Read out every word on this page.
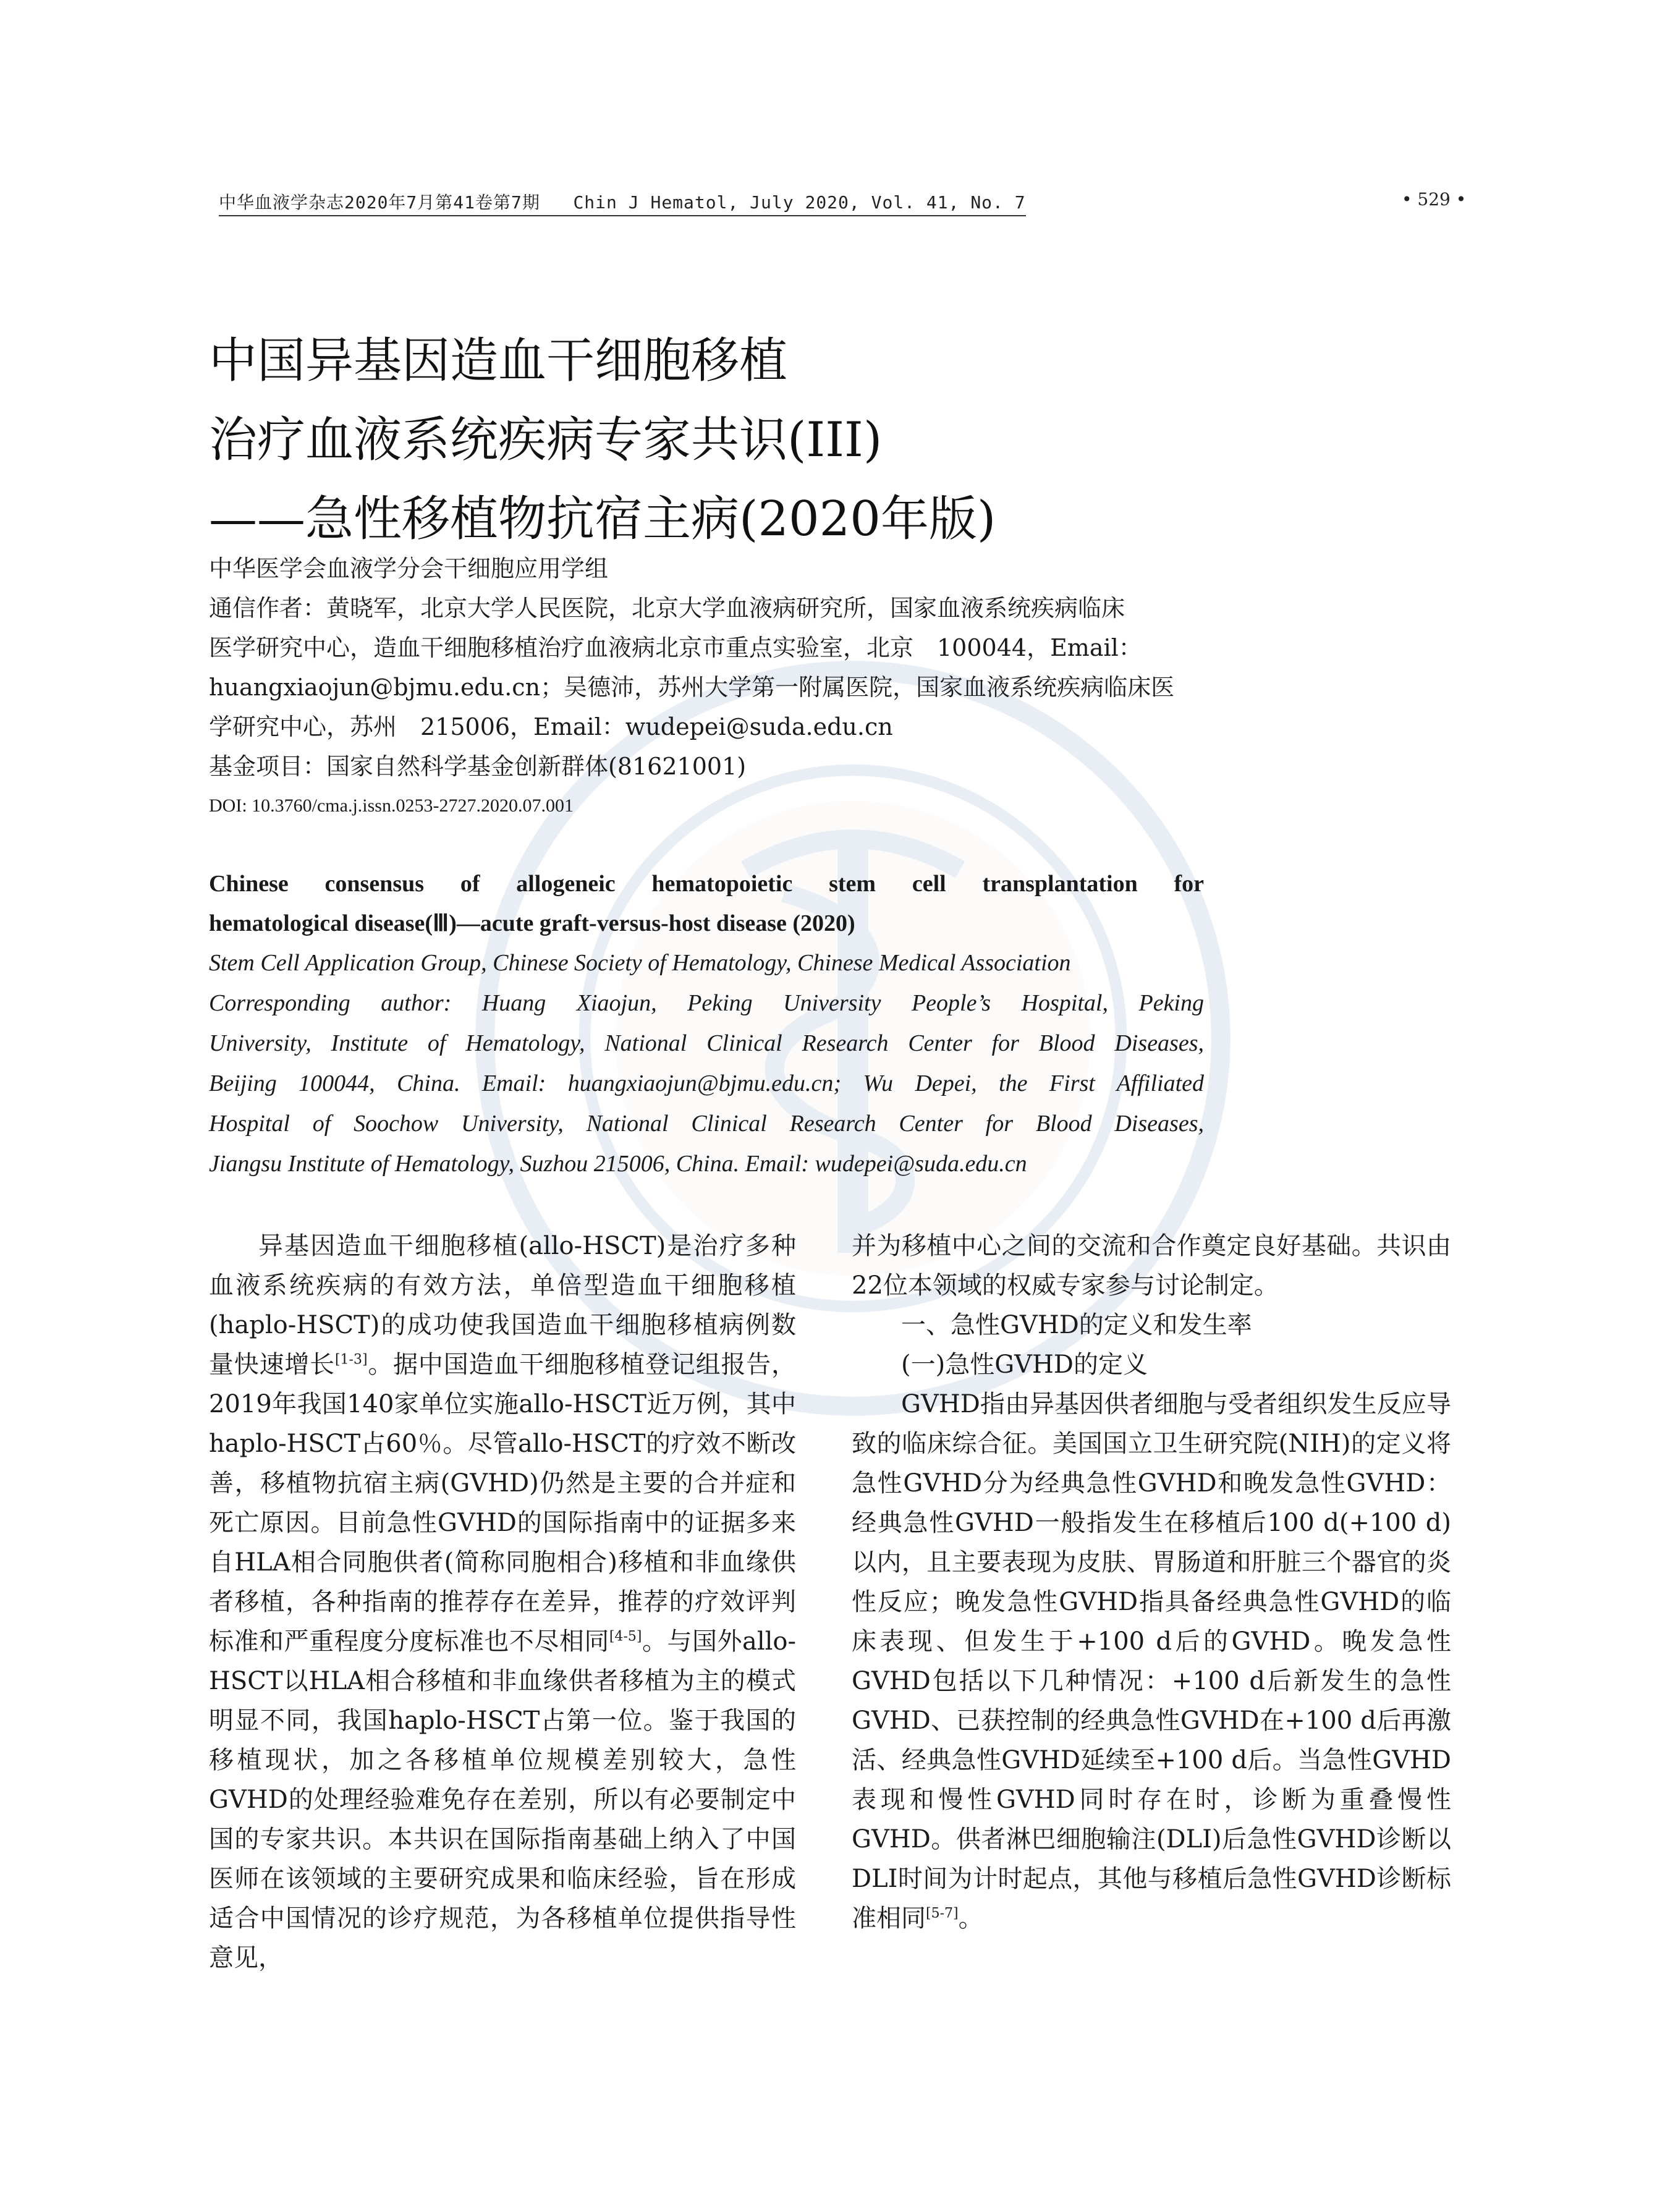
中华血液学杂志2020年7月第41卷第7期 Chin J Hematol, July 2020, Vol. 41, No. 7	• 529 •
中国异基因造血干细胞移植
治疗血液系统疾病专家共识(III)
——急性移植物抗宿主病(2020年版)

中华医学会血液学分会干细胞应用学组

通信作者：黄晓军，北京大学人民医院，北京大学血液病研究所，国家血液系统疾病临床

医学研究中心，造血干细胞移植治疗血液病北京市重点实验室，北京　100044，Email：

huangxiaojun@bjmu.edu.cn；吴德沛，苏州大学第一附属医院，国家血液系统疾病临床医

学研究中心，苏州　215006，Email：wudepei@suda.edu.cn

基金项目：国家自然科学基金创新群体(81621001)

DOI: 10.3760/cma.j.issn.0253-2727.2020.07.001

Chinese consensus of allogeneic hematopoietic stem cell transplantation for

hematological disease(Ⅲ)—acute graft-versus-host disease (2020)

Stem Cell Application Group, Chinese Society of Hematology, Chinese Medical Association

Corresponding author: Huang Xiaojun, Peking University People’s Hospital, Peking

University, Institute of Hematology, National Clinical Research Center for Blood Diseases,

Beijing 100044, China. Email: huangxiaojun@bjmu.edu.cn; Wu Depei, the First Affiliated

Hospital of Soochow University, National Clinical Research Center for Blood Diseases,

Jiangsu Institute of Hematology, Suzhou 215006, China. Email: wudepei@suda.edu.cn

异基因造血干细胞移植(allo-HSCT)是治疗多种血液系统疾病的有效方法，单倍型造血干细胞移植(haplo-HSCT)的成功使我国造血干细胞移植病例数量快速增长[1-3]。据中国造血干细胞移植登记组报告，2019年我国140家单位实施allo-HSCT近万例，其中haplo-HSCT占60％。尽管allo-HSCT的疗效不断改善，移植物抗宿主病(GVHD)仍然是主要的合并症和死亡原因。目前急性GVHD的国际指南中的证据多来自HLA相合同胞供者(简称同胞相合)移植和非血缘供者移植，各种指南的推荐存在差异，推荐的疗效评判标准和严重程度分度标准也不尽相同[4-5]。与国外allo-HSCT以HLA相合移植和非血缘供者移植为主的模式明显不同，我国haplo-HSCT占第一位。鉴于我国的移植现状，加之各移植单位规模差别较大，急性GVHD的处理经验难免存在差别，所以有必要制定中国的专家共识。本共识在国际指南基础上纳入了中国医师在该领域的主要研究成果和临床经验，旨在形成适合中国情况的诊疗规范，为各移植单位提供指导性意见，

并为移植中心之间的交流和合作奠定良好基础。共识由22位本领域的权威专家参与讨论制定。

一、急性GVHD的定义和发生率

(一)急性GVHD的定义

GVHD指由异基因供者细胞与受者组织发生反应导致的临床综合征。美国国立卫生研究院(NIH)的定义将急性GVHD分为经典急性GVHD和晚发急性GVHD：经典急性GVHD一般指发生在移植后100 d(+100 d)以内，且主要表现为皮肤、胃肠道和肝脏三个器官的炎性反应；晚发急性GVHD指具备经典急性GVHD的临床表现、但发生于+100 d后的GVHD。晚发急性GVHD包括以下几种情况：+100 d后新发生的急性GVHD、已获控制的经典急性GVHD在+100 d后再激活、经典急性GVHD延续至+100 d后。当急性GVHD表现和慢性GVHD同时存在时，诊断为重叠慢性GVHD。供者淋巴细胞输注(DLI)后急性GVHD诊断以DLI时间为计时起点，其他与移植后急性GVHD诊断标准相同[5-7]。
